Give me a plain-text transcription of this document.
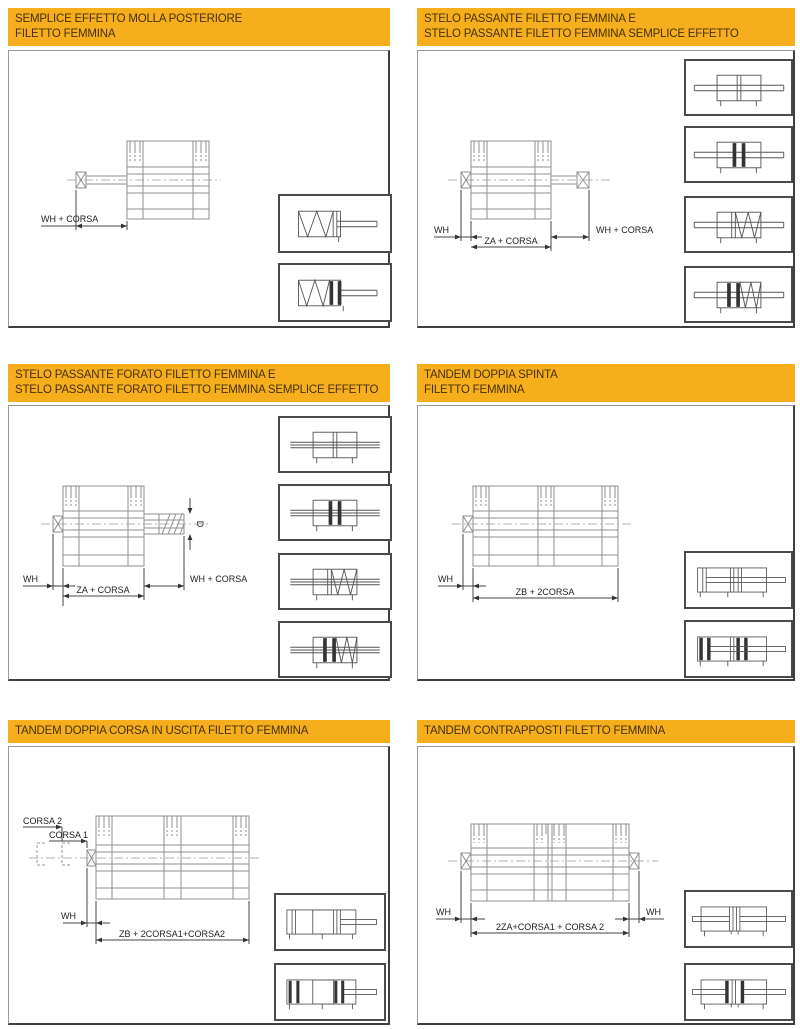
SEMPLICE EFFETTO MOLLA POSTERIORE
FILETTO FEMMINA
WH + CORSA
STELO PASSANTE FILETTO FEMMINA E
STELO PASSANTE FILETTO FEMMINA SEMPLICE EFFETTO
WH
ZA + CORSA
WH + CORSA
STELO PASSANTE FORATO FILETTO FEMMINA E
STELO PASSANTE FORATO FILETTO FEMMINA SEMPLICE EFFETTO
D
WH
ZA + CORSA
WH + CORSA
TANDEM DOPPIA SPINTA
FILETTO FEMMINA
WH
ZB + 2CORSA
TANDEM DOPPIA CORSA IN USCITA FILETTO FEMMINA
CORSA 2
CORSA 1
WH
ZB + 2CORSA1+CORSA2
TANDEM CONTRAPPOSTI FILETTO FEMMINA
WH	WH
2ZA+CORSA1 + CORSA 2
